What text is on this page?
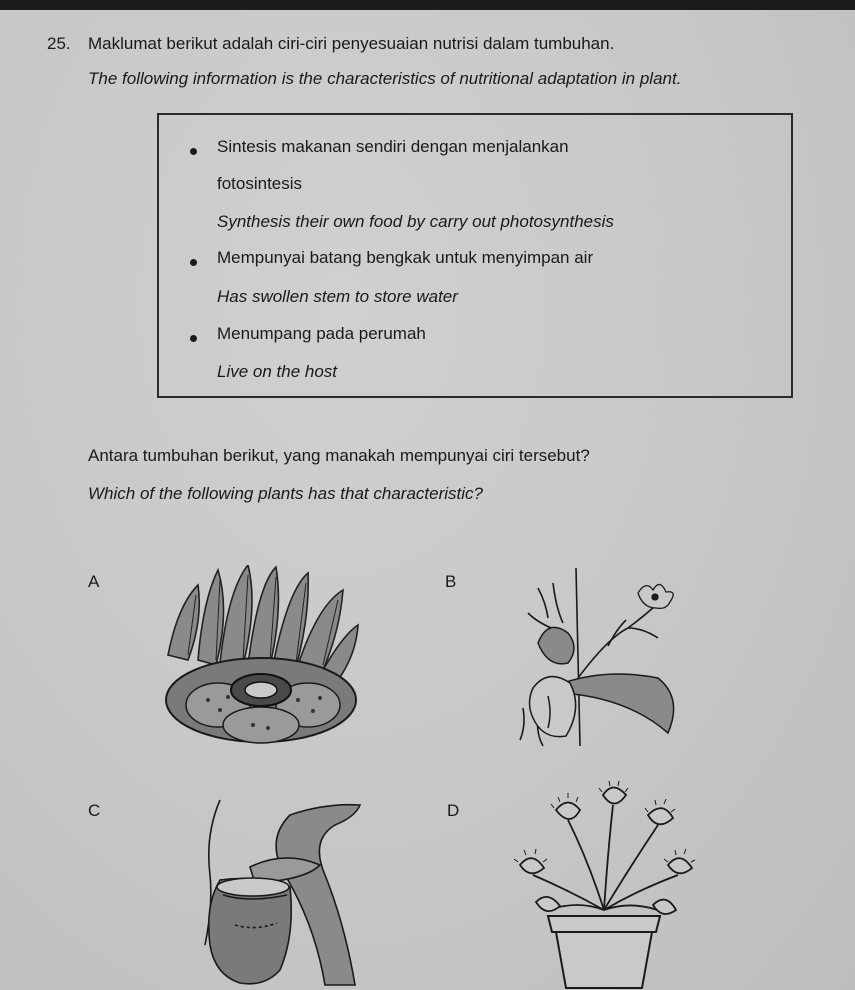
25. Maklumat berikut adalah ciri-ciri penyesuaian nutrisi dalam tumbuhan.
The following information is the characteristics of nutritional adaptation in plant.
Sintesis makanan sendiri dengan menjalankan
fotosintesis
Synthesis their own food by carry out photosynthesis
Mempunyai batang bengkak untuk menyimpan air
Has swollen stem to store water
Menumpang pada perumah
Live on the host
Antara tumbuhan berikut, yang manakah mempunyai ciri tersebut?
Which of the following plants has that characteristic?
A	B
C	D
